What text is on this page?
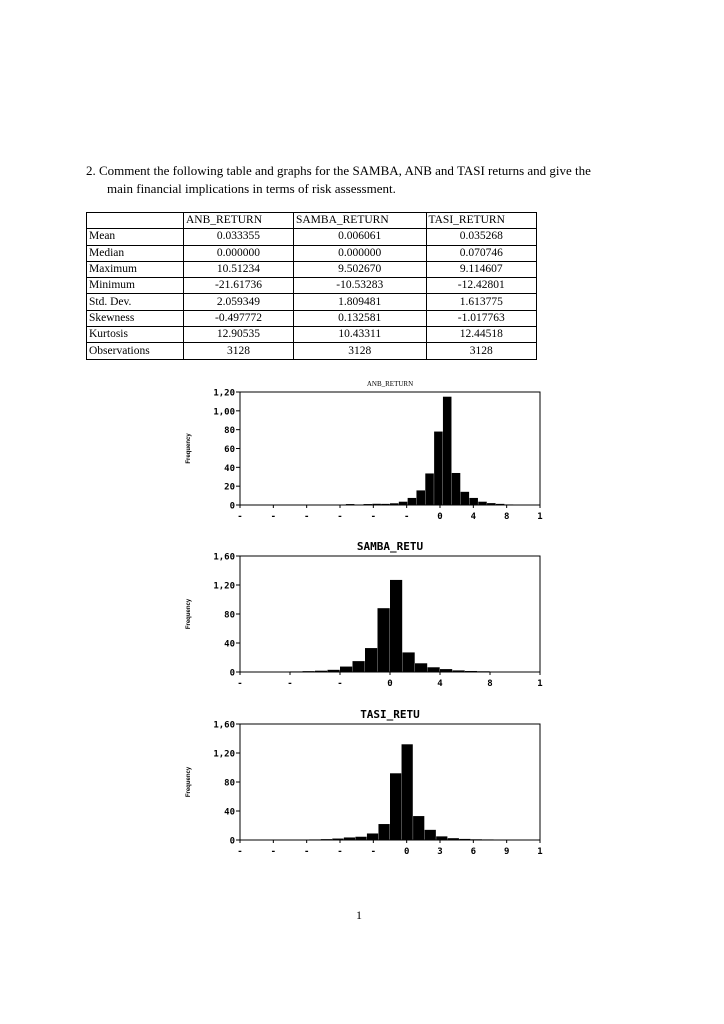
2. Comment the following table and graphs for the SAMBA, ANB and TASI returns and give the
main financial implications in terms of risk assessment.
	ANB_RETURN	SAMBA_RETURN	TASI_RETURN
Mean	0.033355	0.006061	0.035268
Median	0.000000	0.000000	0.070746
Maximum	10.51234	9.502670	9.114607
Minimum	-21.61736	-10.53283	-12.42801
Std. Dev.	2.059349	1.809481	1.613775
Skewness	-0.497772	0.132581	-1.017763
Kurtosis	12.90535	10.43311	12.44518
Observations	3128	3128	3128
ANB_RETURN
Frequency
0
20
40
60
80
1,00
1,20
-	-	-	-	-	-	0	4	8	1
SAMBA_RETU
Frequency
0
40
80
1,20
1,60
-	-	-	0	4	8	1
TASI_RETU
Frequency
0
40
80
1,20
1,60
-	-	-	-	-	0	3	6	9	1
1
